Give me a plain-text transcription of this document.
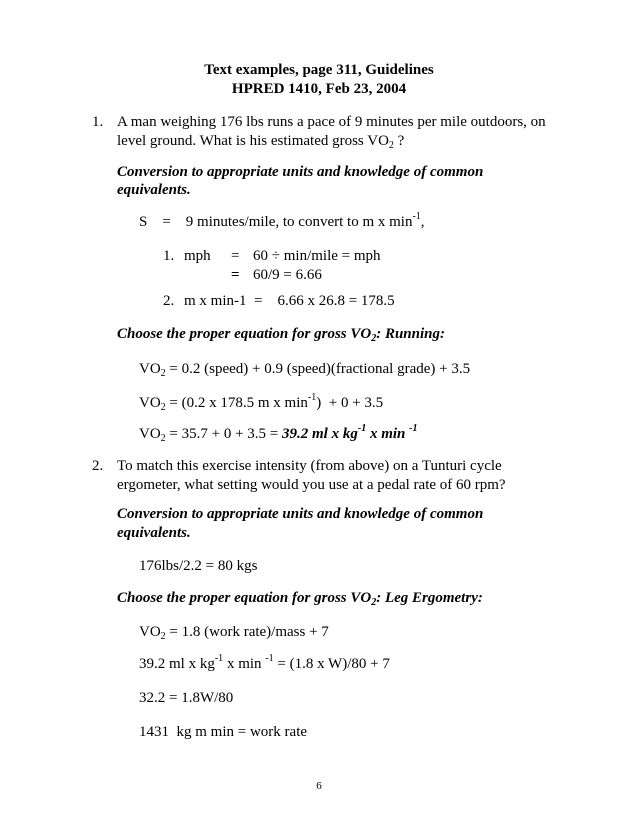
Text examples, page 311, Guidelines
HPRED 1410, Feb 23, 2004
1. A man weighing 176 lbs runs a pace of 9 minutes per mile outdoors, on
level ground. What is his estimated gross $VO_2$ ?
Conversion to appropriate units and knowledge of common
equivalents.
S    =    9 minutes/mile, to convert to m x $\min^{-1}$,
1. mph = 60 ÷ min/mile = mph
= 60/9 = 6.66
2. m x min-1  =    6.66 x 26.8 = 178.5
Choose the proper equation for gross $VO_2$: Running:
$VO_2 = 0.2$ (speed) + 0.9 (speed)(fractional grade) + 3.5
$VO_2 = (0.2$ x 178.5 m x $\min^{-1}) + 0 + 3.5$
$VO_2 = 35.7 + 0 + 3.5 = 39.2$ ml x $kg^{-1}$ x min $^{-1}$
2. To match this exercise intensity (from above) on a Tunturi cycle
ergometer, what setting would you use at a pedal rate of 60 rpm?
Conversion to appropriate units and knowledge of common
equivalents.
176lbs/2.2 = 80 kgs
Choose the proper equation for gross $VO_2$: Leg Ergometry:
$VO_2 = 1.8$ (work rate)/mass + 7
39.2 ml x $kg^{-1}$ x min $^{-1}$ = (1.8 x W)/80 + 7
32.2 = 1.8W/80
1431  kg m min = work rate
6
